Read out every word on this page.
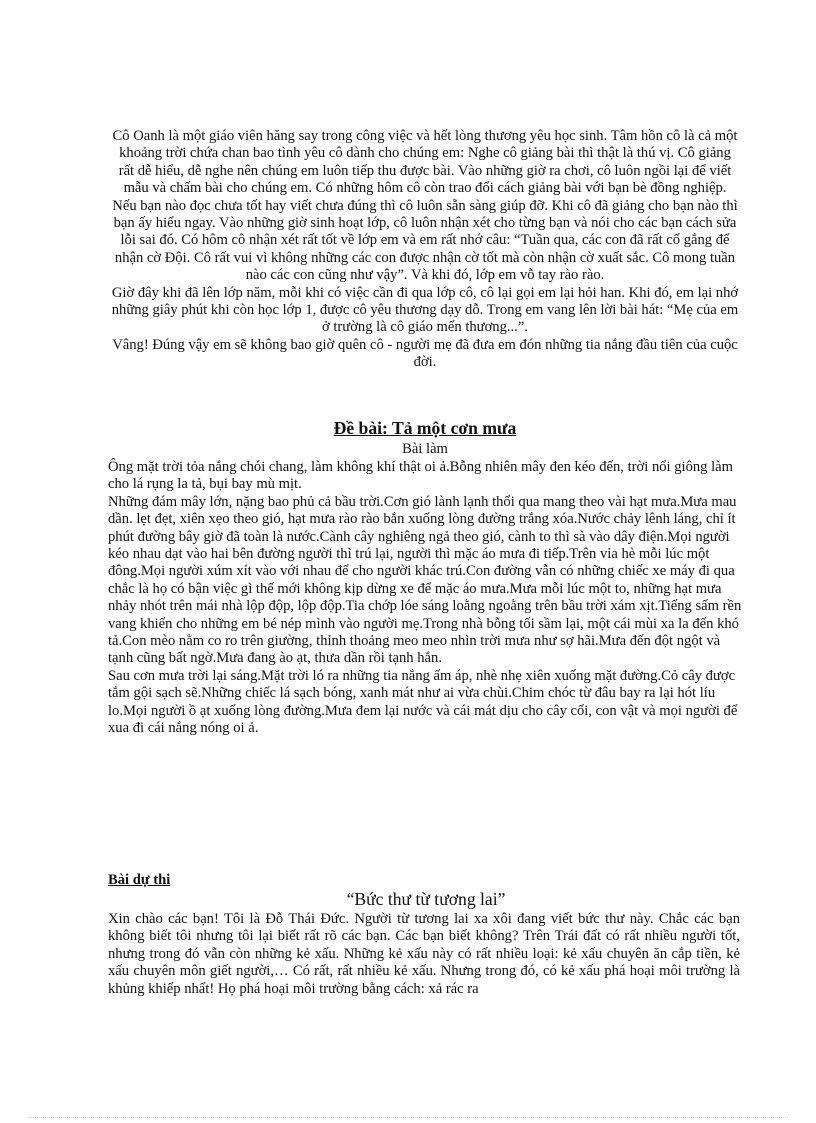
Cô Oanh là một giáo viên hăng say trong công việc và hết lòng thương yêu học sinh. Tâm hồn cô là cả một khoảng trời chứa chan bao tình yêu cô dành cho chúng em: Nghe cô giảng bài thì thật là thú vị. Cô giảng rất dễ hiểu, dễ nghe nên chúng em luôn tiếp thu được bài. Vào những giờ ra chơi, cô luôn ngồi lại để viết mẫu và chấm bài cho chúng em. Có những hôm cô còn trao đổi cách giảng bài với bạn bè đồng nghiệp. Nếu bạn nào đọc chưa tốt hay viết chưa đúng thì cô luôn sẵn sàng giúp đỡ. Khi cô đã giảng cho bạn nào thì bạn ấy hiểu ngay. Vào những giờ sinh hoạt lớp, cô luôn nhận xét cho từng bạn và nói cho các bạn cách sửa lỗi sai đó. Có hôm cô nhận xét rất tốt về lớp em và em rất nhớ câu: “Tuần qua, các con đã rất cố gắng để nhận cờ Đội. Cô rất vui vì không những các con được nhận cờ tốt mà còn nhận cờ xuất sắc. Cô mong tuần nào các con cũng như vậy”. Và khi đó, lớp em vỗ tay rào rào.

Giờ đây khi đã lên lớp năm, mỗi khi có việc cần đi qua lớp cô, cô lại gọi em lại hỏi han. Khi đó, em lại nhớ những giây phút khi còn học lớp 1, được cô yêu thương dạy dỗ. Trong em vang lên lời bài hát: “Mẹ của em ở trường là cô giáo mến thương...”.

Vâng! Đúng vậy em sẽ không bao giờ quên cô - người mẹ đã đưa em đón những tia nắng đầu tiên của cuộc đời.

Đề bài: Tả một cơn mưa
Bài làm

Ông mặt trời tỏa nắng chói chang, làm không khí thật oi ả.Bỗng nhiên mây đen kéo đến, trời nổi giông làm cho lá rụng la tả, bụi bay mù mịt.

Những đám mây lớn, nặng bao phủ cả bầu trời.Cơn gió lành lạnh thổi qua mang theo vài hạt mưa.Mưa mau dần. lẹt đẹt, xiên xẹo theo gió, hạt mưa rào rào bắn xuống lòng đường trắng xóa.Nước chảy lênh láng, chỉ ít phút đường bây giờ đã toàn là nước.Cành cây nghiêng ngả theo gió, cành to thì sà vào dây điện.Mọi người kéo nhau dạt vào hai bên đường người thì trú lại, người thì mặc áo mưa đi tiếp.Trên vỉa hè mỗi lúc một đông.Mọi người xúm xít vào với nhau để cho người khác trú.Con đường vẫn có những chiếc xe máy đi qua chắc là họ có bận việc gì thế mới không kịp dừng xe để mặc áo mưa.Mưa mỗi lúc một to, những hạt mưa nhảy nhót trên mái nhà lộp độp, lộp độp.Tia chớp lóe sáng loằng ngoằng trên bầu trời xám xịt.Tiếng sấm rền vang khiến cho những em bé nép mình vào người mẹ.Trong nhà bỗng tối sầm lại, một cái mùi xa la đến khó tả.Con mèo nằm co ro trên giường, thỉnh thoảng meo meo nhìn trời mưa như sợ hãi.Mưa đến đột ngột và tạnh cũng bất ngờ.Mưa đang ào ạt, thưa dần rồi tạnh hẳn.

Sau cơn mưa trời lại sáng.Mặt trời ló ra những tia nắng ấm áp, nhè nhẹ xiên xuống mặt đường.Cỏ cây được tắm gội sạch sẽ.Những chiếc lá sạch bóng, xanh mát như ai vừa chùi.Chim chóc từ đâu bay ra lại hót líu lo.Mọi người ồ ạt xuống lòng đường.Mưa đem lại nước và cái mát dịu cho cây cối, con vật và mọi người để xua đi cái nắng nóng oi ả.

Bài dự thi
“Bức thư từ tương lai”

Xin chào các bạn! Tôi là Đỗ Thái Đức. Người từ tương lai xa xôi đang viết bức thư này. Chắc các bạn không biết tôi nhưng tôi lại biết rất rõ các bạn. Các bạn biết không? Trên Trái đất có rất nhiều người tốt, nhưng trong đó vẫn còn những kẻ xấu. Những kẻ xấu này có rất nhiều loại: kẻ xấu chuyên ăn cắp tiền, kẻ xấu chuyên môn giết người,… Có rất, rất nhiều kẻ xấu. Nhưng trong đó, có kẻ xấu phá hoại môi trường là khủng khiếp nhất! Họ phá hoại môi trường bằng cách: xả rác ra
